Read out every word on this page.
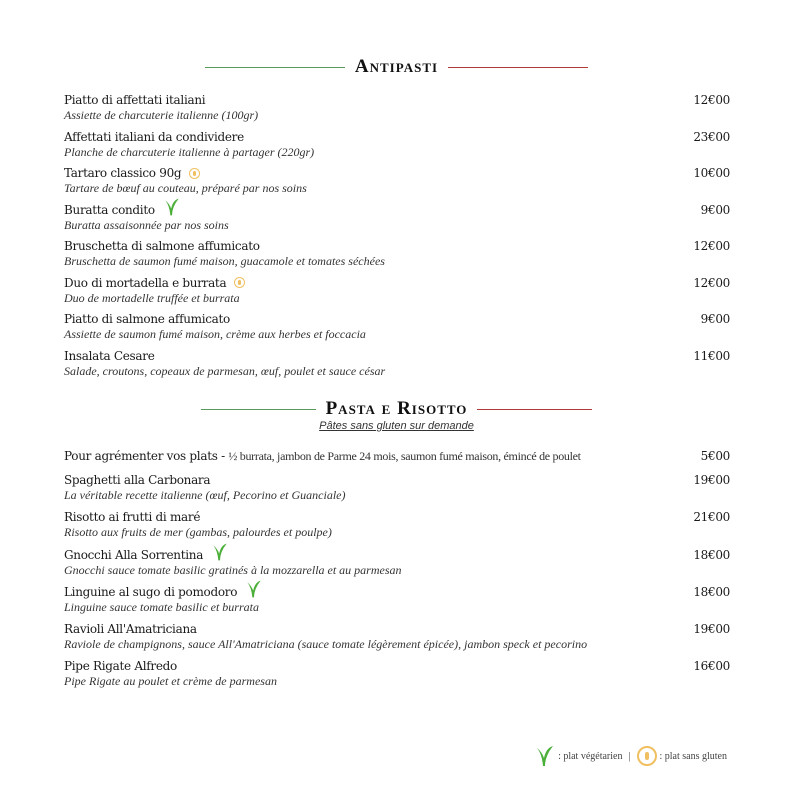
Antipasti
Piatto di affettati italiani
Assiette de charcuterie italienne (100gr)
12€00
Affettati italiani da condividere
Planche de charcuterie italienne à partager (220gr)
23€00
Tartaro classico 90g
Tartare de bœuf au couteau, préparé par nos soins
10€00
Buratta condito
Buratta assaisonnée par nos soins
9€00
Bruschetta di salmone affumicato
Bruschetta de saumon fumé maison, guacamole et tomates séchées
12€00
Duo di mortadella e burrata
Duo de mortadelle truffée et burrata
12€00
Piatto di salmone affumicato
Assiette de saumon fumé maison, crème aux herbes et foccacia
9€00
Insalata Cesare
Salade, croutons, copeaux de parmesan, œuf, poulet et sauce césar
11€00
Pasta e Risotto
Pâtes sans gluten sur demande
Pour agrémenter vos plats - ½ burrata, jambon de Parme 24 mois, saumon fumé maison, émincé de poulet	5€00
Spaghetti alla Carbonara
La véritable recette italienne (œuf, Pecorino et Guanciale)
19€00
Risotto ai frutti di maré
Risotto aux fruits de mer (gambas, palourdes et poulpe)
21€00
Gnocchi Alla Sorrentina
Gnocchi sauce tomate basilic gratinés à la mozzarella et au parmesan
18€00
Linguine al sugo di pomodoro
Linguine sauce tomate basilic et burrata
18€00
Ravioli All'Amatriciana
Raviole de champignons, sauce All'Amatriciana (sauce tomate légèrement épicée), jambon speck et pecorino
19€00
Pipe Rigate Alfredo
Pipe Rigate au poulet et crème de parmesan
16€00
: plat végétarien |	: plat sans gluten
